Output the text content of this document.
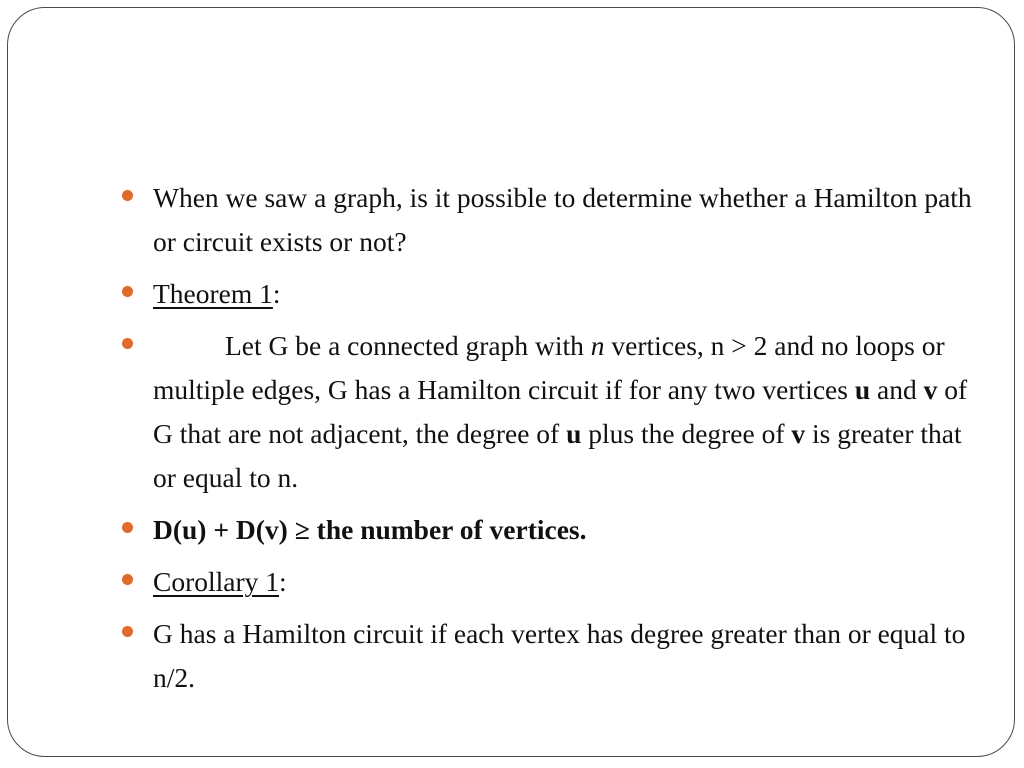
When we saw a graph, is it possible to determine whether a Hamilton path or circuit exists or not?
Theorem 1:
Let G be a connected graph with n vertices, n > 2 and no loops or multiple edges, G has a Hamilton circuit if for any two vertices u and v of G that are not adjacent, the degree of u plus the degree of v is greater that or equal to n.
D(u) + D(v) ≥ the number of vertices.
Corollary 1:
G has a Hamilton circuit if each vertex has degree greater than or equal to n/2.
